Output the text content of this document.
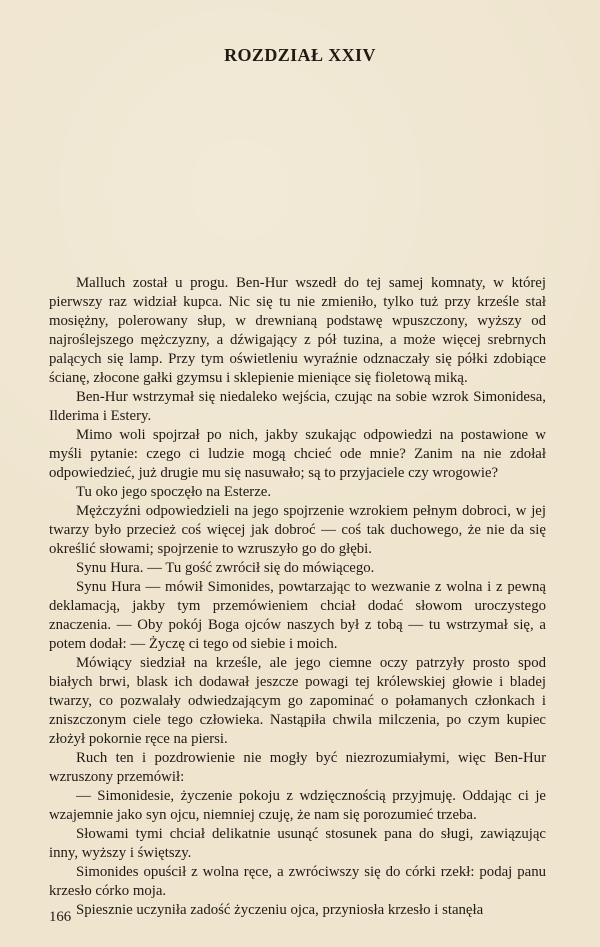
ROZDZIAŁ XXIV

Malluch został u progu. Ben-Hur wszedł do tej samej komnaty, w której pierwszy raz widział kupca. Nic się tu nie zmieniło, tylko tuż przy krześle stał mosiężny, polerowany słup, w drewnianą podstawę wpuszczony, wyższy od najroślejszego mężczyzny, a dźwigający z pół tuzina, a może więcej srebrnych palących się lamp. Przy tym oświetleniu wyraźnie odznaczały się półki zdobiące ścianę, złocone gałki gzymsu i sklepienie mieniące się fioletową miką.

Ben-Hur wstrzymał się niedaleko wejścia, czując na sobie wzrok Simonidesa, Ilderima i Estery.

Mimo woli spojrzał po nich, jakby szukając odpowiedzi na postawione w myśli pytanie: czego ci ludzie mogą chcieć ode mnie? Zanim na nie zdołał odpowiedzieć, już drugie mu się nasuwało; są to przyjaciele czy wrogowie?

Tu oko jego spoczęło na Esterze.

Mężczyźni odpowiedzieli na jego spojrzenie wzrokiem pełnym dobroci, w jej twarzy było przecież coś więcej jak dobroć — coś tak duchowego, że nie da się określić słowami; spojrzenie to wzruszyło go do głębi.

Synu Hura. — Tu gość zwrócił się do mówiącego.

Synu Hura — mówił Simonides, powtarzając to wezwanie z wolna i z pewną deklamacją, jakby tym przemówieniem chciał dodać słowom uroczystego znaczenia. — Oby pokój Boga ojców naszych był z tobą — tu wstrzymał się, a potem dodał: — Życzę ci tego od siebie i moich.

Mówiący siedział na krześle, ale jego ciemne oczy patrzyły prosto spod białych brwi, blask ich dodawał jeszcze powagi tej królewskiej głowie i bladej twarzy, co pozwalały odwiedzającym go zapominać o połamanych członkach i zniszczonym ciele tego człowieka. Nastąpiła chwila milczenia, po czym kupiec złożył pokornie ręce na piersi.

Ruch ten i pozdrowienie nie mogły być niezrozumiałymi, więc Ben-Hur wzruszony przemówił:

— Simonidesie, życzenie pokoju z wdzięcznością przyjmuję. Oddając ci je wzajemnie jako syn ojcu, niemniej czuję, że nam się porozumieć trzeba.

Słowami tymi chciał delikatnie usunąć stosunek pana do sługi, zawiązując inny, wyższy i świętszy.

Simonides opuścił z wolna ręce, a zwróciwszy się do córki rzekł: podaj panu krzesło córko moja.

Spiesznie uczyniła zadość życzeniu ojca, przyniosła krzesło i stanęła

166
